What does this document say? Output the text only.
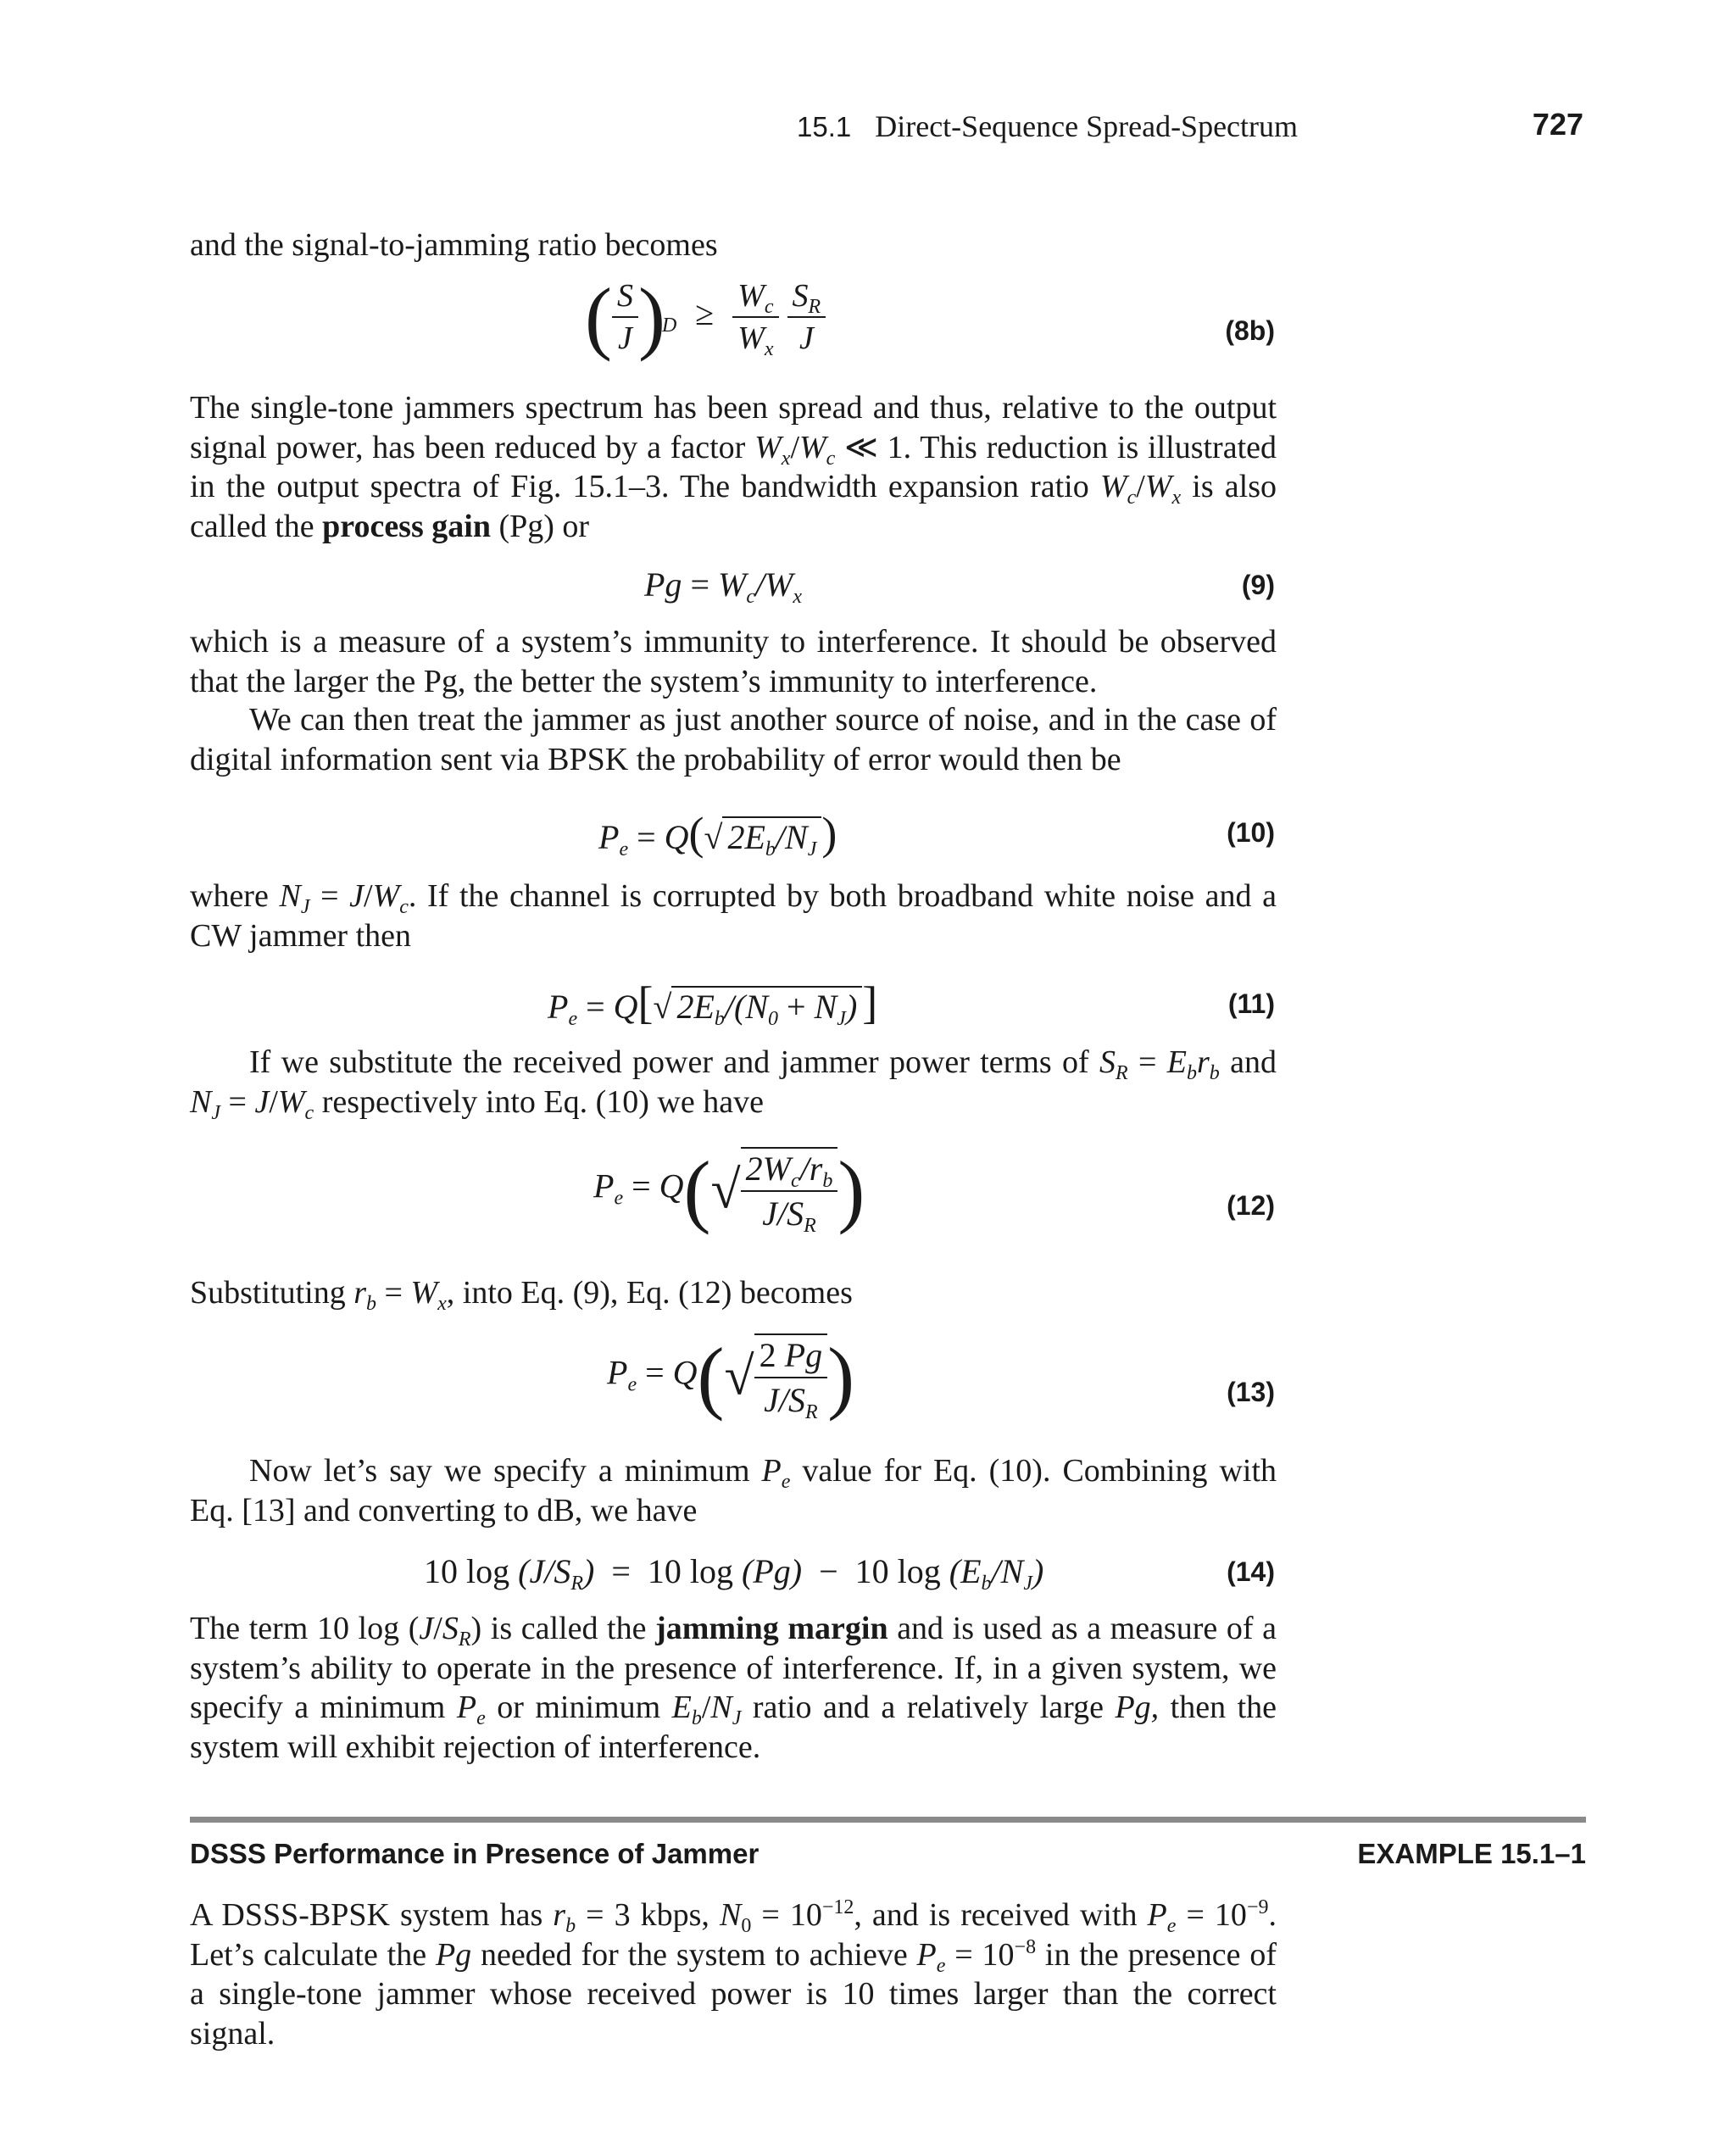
15.1 Direct-Sequence Spread-Spectrum	727

and the signal-to-jamming ratio becomes

( $\frac{S}{J} )_D \ge \frac{W_c}{W_x}$
$\frac{S_R}{J}$	(8b)

The single-tone jammers spectrum has been spread and thus, relative to the output signal power, has been reduced by a factor $W_x/W_c$ ≪ 1. This reduction is illustrated in the output spectra of Fig. 15.1–3. The bandwidth expansion ratio $W_c/W_x$ is also called the process gain (Pg) or

$Pg = W_c/W_x$	(9)

which is a measure of a system’s immunity to interference. It should be observed that the larger the Pg, the better the system’s immunity to interference.

We can then treat the jammer as just another source of noise, and in the case of digital information sent via BPSK the probability of error would then be

$P_e = Q(√$ $2E_b/N_J$ )	(10)

where $N_J = J/W_c$. If the channel is corrupted by both broadband white noise and a CW jammer then

$P_e = Q[√$ $2E_b/(N_0 + N_J)$ ]	(11)

If we substitute the received power and jammer power terms of $S_R = E_br_b$ and $N_J = J/W_c$ respectively into Eq. (10) we have

$P_e = Q(√ \frac{2W_c/r_b}{J/S_R}$ )	(12)

Substituting $r_b = W_x$, into Eq. (9), Eq. (12) becomes

$P_e = Q(√ \frac{2 Pg}{J/S_R}$ )	(13)

Now let’s say we specify a minimum $P_e$ value for Eq. (10). Combining with Eq. [13] and converting to dB, we have

10 $\log (J/S_R) = 10$ log (Pg) − 10 $\log (E_b/N_J)$	(14)

The term 10 $\log (J/S_R)$ is called the jamming margin and is used as a measure of a system’s ability to operate in the presence of interference. If, in a given system, we specify a minimum $P_e$ or minimum $E_b/N_J$ ratio and a relatively large Pg, then the system will exhibit rejection of interference.

DSSS Performance in Presence of Jammer	EXAMPLE 15.1–1

A DSSS-BPSK system has $r_b = 3$ kbps, $N_0 = 10^{-12}$, and is received with $P_e = 10^{-9}$. Let’s calculate the Pg needed for the system to achieve $P_e = 10^{-8}$ in the presence of a single-tone jammer whose received power is 10 times larger than the correct signal.
